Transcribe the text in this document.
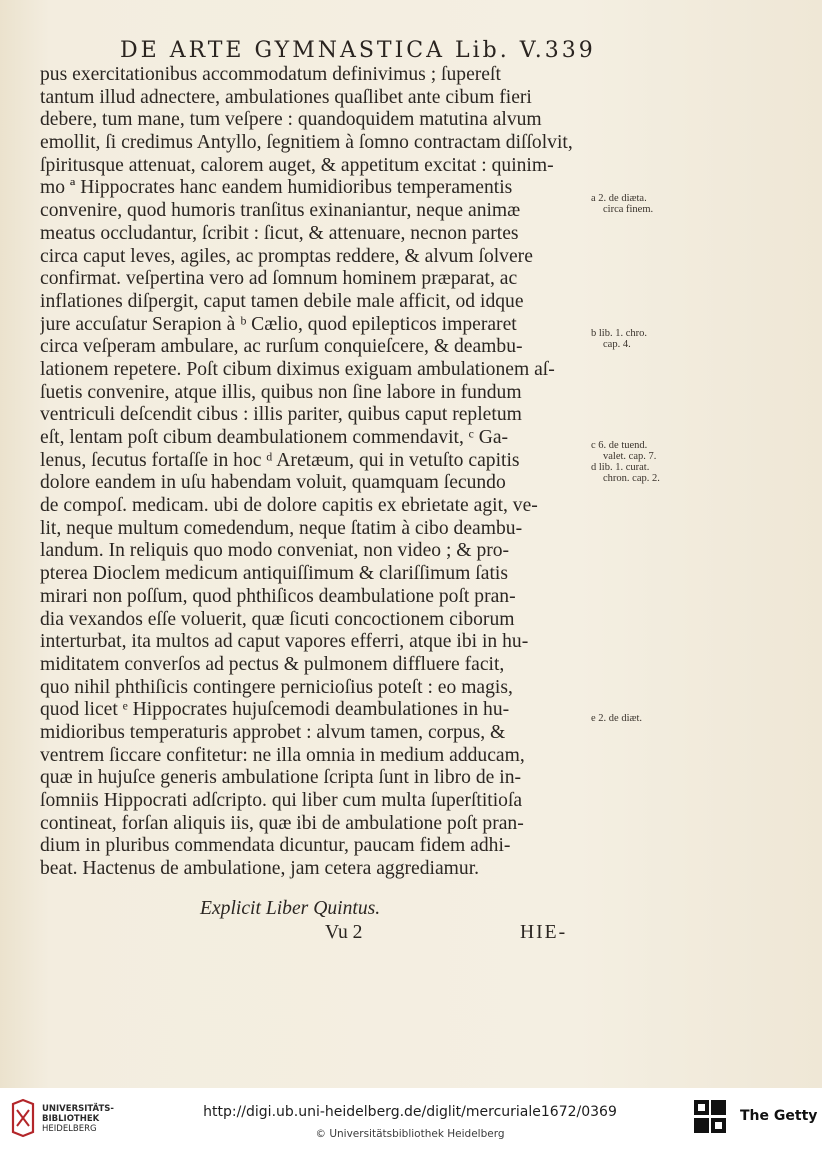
DE ARTE GYMNASTICA Lib. V. 339
pus exercitationibus accommodatum definivimus ; ſupereſt
tantum illud adnectere, ambulationes quaſlibet ante cibum fieri
debere, tum mane, tum veſpere : quandoquidem matutina alvum
emollit, ſi credimus Antyllo, ſegnitiem à ſomno contractam diſſolvit,
ſpiritusque attenuat, calorem auget, & appetitum excitat : quinim-
mo ª Hippocrates hanc eandem humidioribus temperamentis
convenire, quod humoris tranſitus exinaniantur, neque animæ
meatus occludantur, ſcribit : ſicut, & attenuare, necnon partes
circa caput leves, agiles, ac promptas reddere, & alvum ſolvere
confirmat. veſpertina vero ad ſomnum hominem præparat, ac
inflationes diſpergit, caput tamen debile male afficit, od idque
jure accuſatur Serapion à ᵇ Cælio, quod epilepticos imperaret
circa veſperam ambulare, ac rurſum conquieſcere, & deambu-
lationem repetere. Poſt cibum diximus exiguam ambulationem aſ-
ſuetis convenire, atque illis, quibus non ſine labore in fundum
ventriculi deſcendit cibus : illis pariter, quibus caput repletum
eſt, lentam poſt cibum deambulationem commendavit, ᶜ Ga-
lenus, ſecutus fortaſſe in hoc ᵈ Aretæum, qui in vetuſto capitis
dolore eandem in uſu habendam voluit, quamquam ſecundo
de compoſ. medicam. ubi de dolore capitis ex ebrietate agit, ve-
lit, neque multum comedendum, neque ſtatim à cibo deambu-
landum. In reliquis quo modo conveniat, non video ; & pro-
pterea Dioclem medicum antiquiſſimum & clariſſimum ſatis
mirari non poſſum, quod phthiſicos deambulatione poſt pran-
dia vexandos eſſe voluerit, quæ ſicuti concoctionem ciborum
interturbat, ita multos ad caput vapores efferri, atque ibi in hu-
miditatem converſos ad pectus & pulmonem diffluere facit,
quo nihil phthiſicis contingere pernicioſius poteſt : eo magis,
quod licet ᵉ Hippocrates hujuſcemodi deambulationes in hu-
midioribus temperaturis approbet : alvum tamen, corpus, &
ventrem ſiccare confitetur: ne illa omnia in medium adducam,
quæ in hujuſce generis ambulatione ſcripta ſunt in libro de in-
ſomniis Hippocrati adſcripto. qui liber cum multa ſuperſtitioſa
contineat, forſan aliquis iis, quæ ibi de ambulatione poſt pran-
dium in pluribus commendata dicuntur, paucam fidem adhi-
beat. Hactenus de ambulatione, jam cetera aggrediamur.
a 2. de diæta.
circa finem.
b lib. 1. chro.
cap. 4.
c 6. de tuend.
valet. cap. 7.
d lib. 1. curat.
chron. cap. 2.
e 2. de diæt.
Explicit Liber Quintus.
Vu 2	HIE-
UNIVERSITÄTS-
BIBLIOTHEK
HEIDELBERG
http://digi.ub.uni-heidelberg.de/diglit/mercuriale1672/0369
© Universitätsbibliothek Heidelberg
The Getty
